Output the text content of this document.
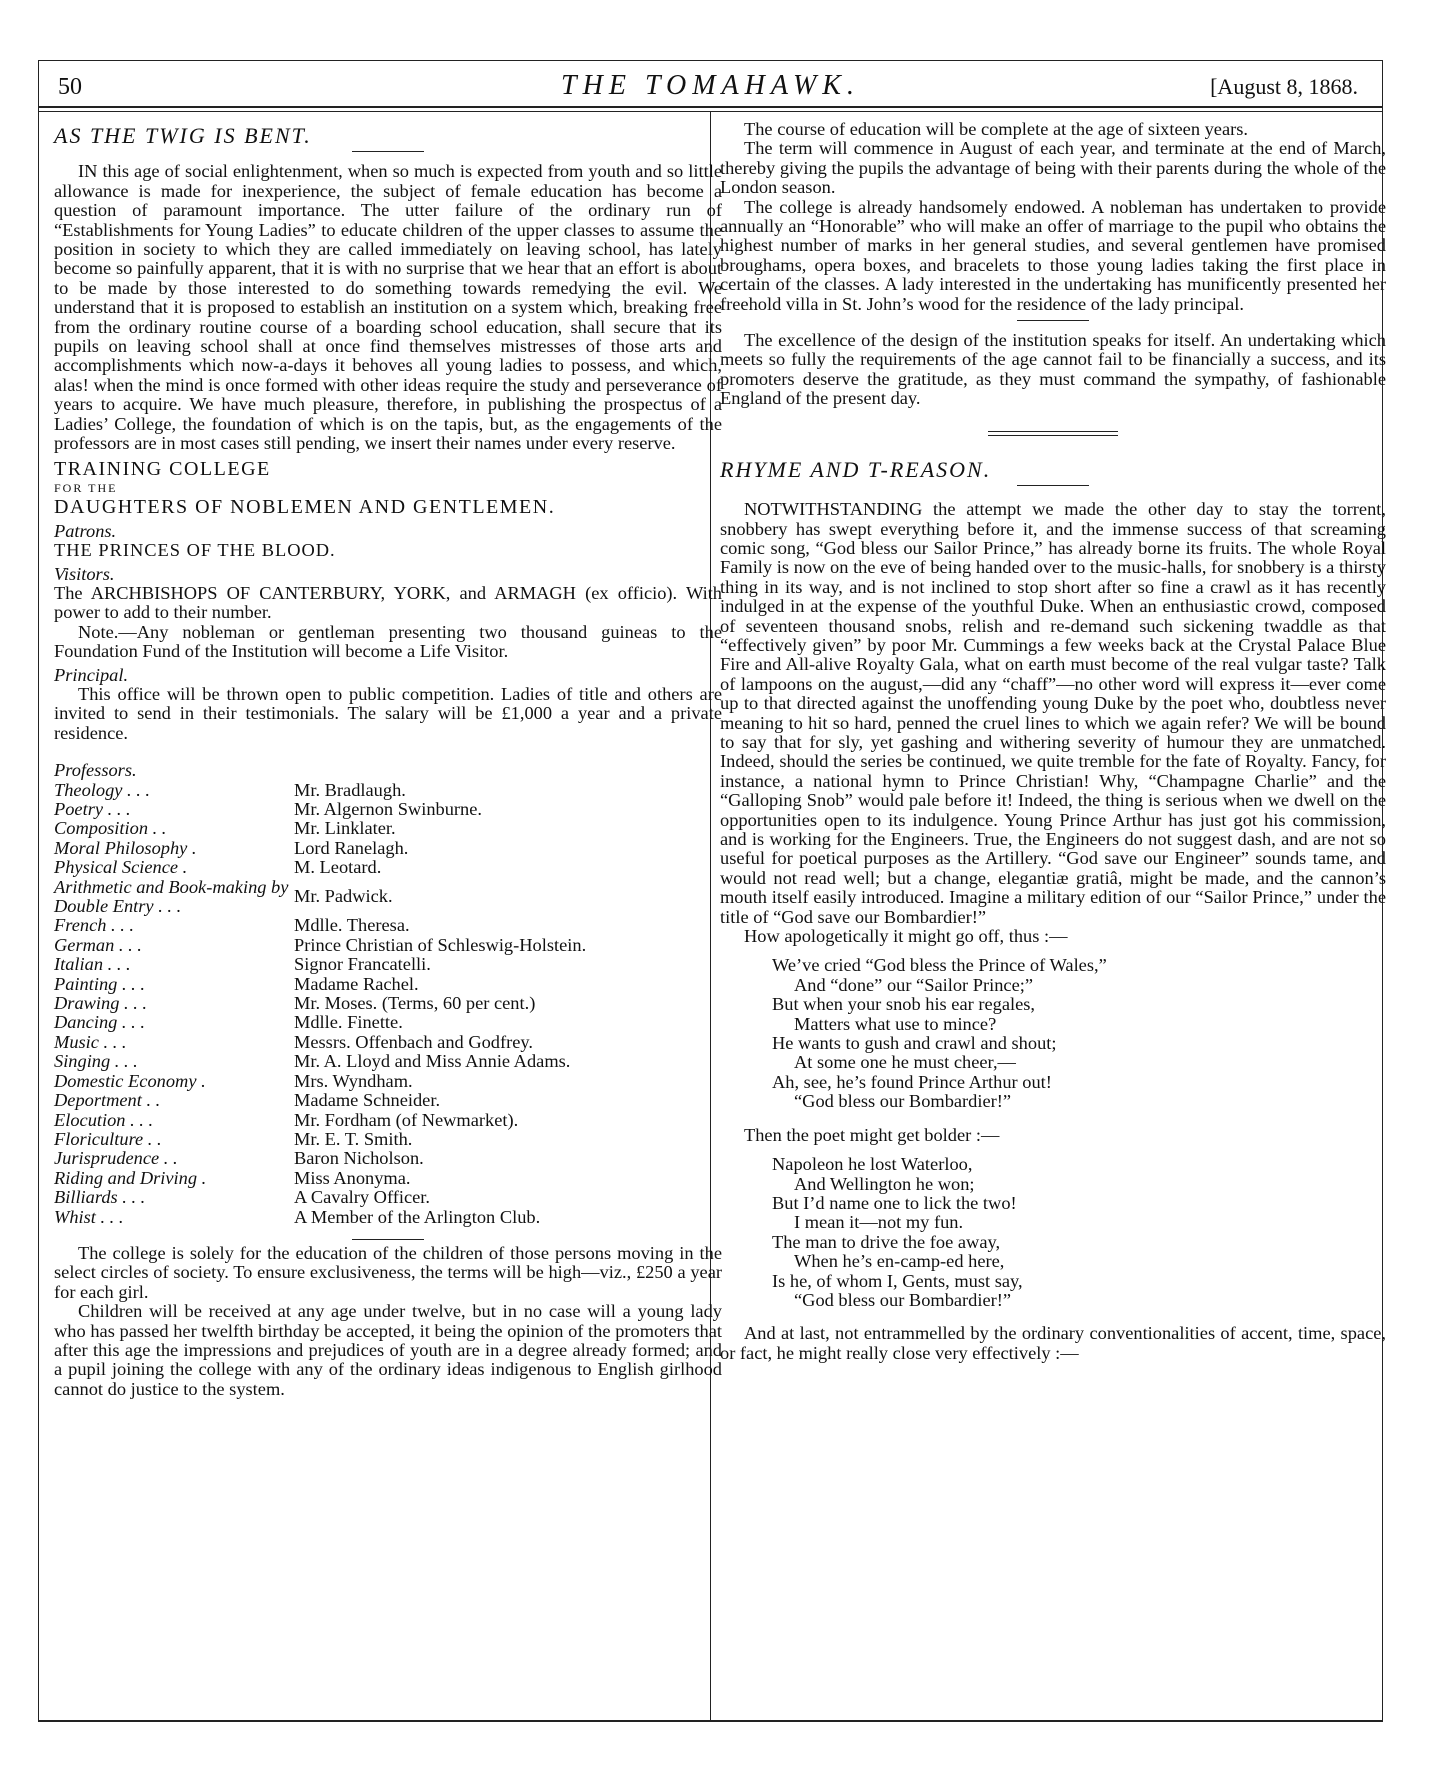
50	THE TOMAHAWK.	[August 8, 1868.

AS THE TWIG IS BENT.

IN this age of social enlightenment, when so much is expected from youth and so little allowance is made for inexperience, the subject of female education has become a question of paramount importance. The utter failure of the ordinary run of “Establishments for Young Ladies” to educate children of the upper classes to assume the position in society to which they are called immediately on leaving school, has lately become so painfully apparent, that it is with no surprise that we hear that an effort is about to be made by those interested to do something towards remedying the evil. We understand that it is proposed to establish an institution on a system which, breaking free from the ordinary routine course of a boarding school education, shall secure that its pupils on leaving school shall at once find themselves mistresses of those arts and accomplishments which now-a-days it behoves all young ladies to possess, and which, alas! when the mind is once formed with other ideas require the study and perseverance of years to acquire. We have much pleasure, therefore, in publishing the prospectus of a Ladies’ College, the foundation of which is on the tapis, but, as the engagements of the professors are in most cases still pending, we insert their names under every reserve.

TRAINING COLLEGE

FOR THE

DAUGHTERS OF NOBLEMEN AND GENTLEMEN.

Patrons.

THE PRINCES OF THE BLOOD.

Visitors.

The ARCHBISHOPS OF CANTERBURY, YORK, and ARMAGH (ex officio). With power to add to their number.

Note.—Any nobleman or gentleman presenting two thousand guineas to the Foundation Fund of the Institution will become a Life Visitor.

Principal.

This office will be thrown open to public competition. Ladies of title and others are invited to send in their testimonials. The salary will be £1,000 a year and a private residence.

Professors.

Theology . . .	Mr. Bradlaugh.
Poetry . . .	Mr. Algernon Swinburne.
Composition . .	Mr. Linklater.
Moral Philosophy .	Lord Ranelagh.
Physical Science .	M. Leotard.
Arithmetic and Book-making by Double Entry . . .	Mr. Padwick.
French . . .	Mdlle. Theresa.
German . . .	Prince Christian of Schleswig-Holstein.
Italian . . .	Signor Francatelli.
Painting . . .	Madame Rachel.
Drawing . . .	Mr. Moses. (Terms, 60 per cent.)
Dancing . . .	Mdlle. Finette.
Music . . .	Messrs. Offenbach and Godfrey.
Singing . . .	Mr. A. Lloyd and Miss Annie Adams.
Domestic Economy .	Mrs. Wyndham.
Deportment . .	Madame Schneider.
Elocution . . .	Mr. Fordham (of Newmarket).
Floriculture . .	Mr. E. T. Smith.
Jurisprudence . .	Baron Nicholson.
Riding and Driving .	Miss Anonyma.
Billiards . . .	A Cavalry Officer.
Whist . . .	A Member of the Arlington Club.

The college is solely for the education of the children of those persons moving in the select circles of society. To ensure exclusiveness, the terms will be high—viz., £250 a year for each girl.

Children will be received at any age under twelve, but in no case will a young lady who has passed her twelfth birthday be accepted, it being the opinion of the promoters that after this age the impressions and prejudices of youth are in a degree already formed; and a pupil joining the college with any of the ordinary ideas indigenous to English girlhood cannot do justice to the system.

The course of education will be complete at the age of sixteen years.

The term will commence in August of each year, and terminate at the end of March, thereby giving the pupils the advantage of being with their parents during the whole of the London season.

The college is already handsomely endowed. A nobleman has undertaken to provide annually an “Honorable” who will make an offer of marriage to the pupil who obtains the highest number of marks in her general studies, and several gentlemen have promised broughams, opera boxes, and bracelets to those young ladies taking the first place in certain of the classes. A lady interested in the undertaking has munificently presented her freehold villa in St. John’s wood for the residence of the lady principal.

The excellence of the design of the institution speaks for itself. An undertaking which meets so fully the requirements of the age cannot fail to be financially a success, and its promoters deserve the gratitude, as they must command the sympathy, of fashionable England of the present day.

RHYME AND T-REASON.

NOTWITHSTANDING the attempt we made the other day to stay the torrent, snobbery has swept everything before it, and the immense success of that screaming comic song, “God bless our Sailor Prince,” has already borne its fruits. The whole Royal Family is now on the eve of being handed over to the music-halls, for snobbery is a thirsty thing in its way, and is not inclined to stop short after so fine a crawl as it has recently indulged in at the expense of the youthful Duke. When an enthusiastic crowd, composed of seventeen thousand snobs, relish and re-demand such sickening twaddle as that “effectively given” by poor Mr. Cummings a few weeks back at the Crystal Palace Blue Fire and All-alive Royalty Gala, what on earth must become of the real vulgar taste? Talk of lampoons on the august,—did any “chaff”—no other word will express it—ever come up to that directed against the unoffending young Duke by the poet who, doubtless never meaning to hit so hard, penned the cruel lines to which we again refer? We will be bound to say that for sly, yet gashing and withering severity of humour they are unmatched. Indeed, should the series be continued, we quite tremble for the fate of Royalty. Fancy, for instance, a national hymn to Prince Christian! Why, “Champagne Charlie” and the “Galloping Snob” would pale before it! Indeed, the thing is serious when we dwell on the opportunities open to its indulgence. Young Prince Arthur has just got his commission, and is working for the Engineers. True, the Engineers do not suggest dash, and are not so useful for poetical purposes as the Artillery. “God save our Engineer” sounds tame, and would not read well; but a change, elegantiæ gratiâ, might be made, and the cannon’s mouth itself easily introduced. Imagine a military edition of our “Sailor Prince,” under the title of “God save our Bombardier!”

How apologetically it might go off, thus :—

We’ve cried “God bless the Prince of Wales,”
And “done” our “Sailor Prince;”
But when your snob his ear regales,
Matters what use to mince?
He wants to gush and crawl and shout;
At some one he must cheer,—
Ah, see, he’s found Prince Arthur out!
“God bless our Bombardier!”

Then the poet might get bolder :—

Napoleon he lost Waterloo,
And Wellington he won;
But I’d name one to lick the two!
I mean it—not my fun.
The man to drive the foe away,
When he’s en-camp-ed here,
Is he, of whom I, Gents, must say,
“God bless our Bombardier!”

And at last, not entrammelled by the ordinary conventionalities of accent, time, space, or fact, he might really close very effectively :—
